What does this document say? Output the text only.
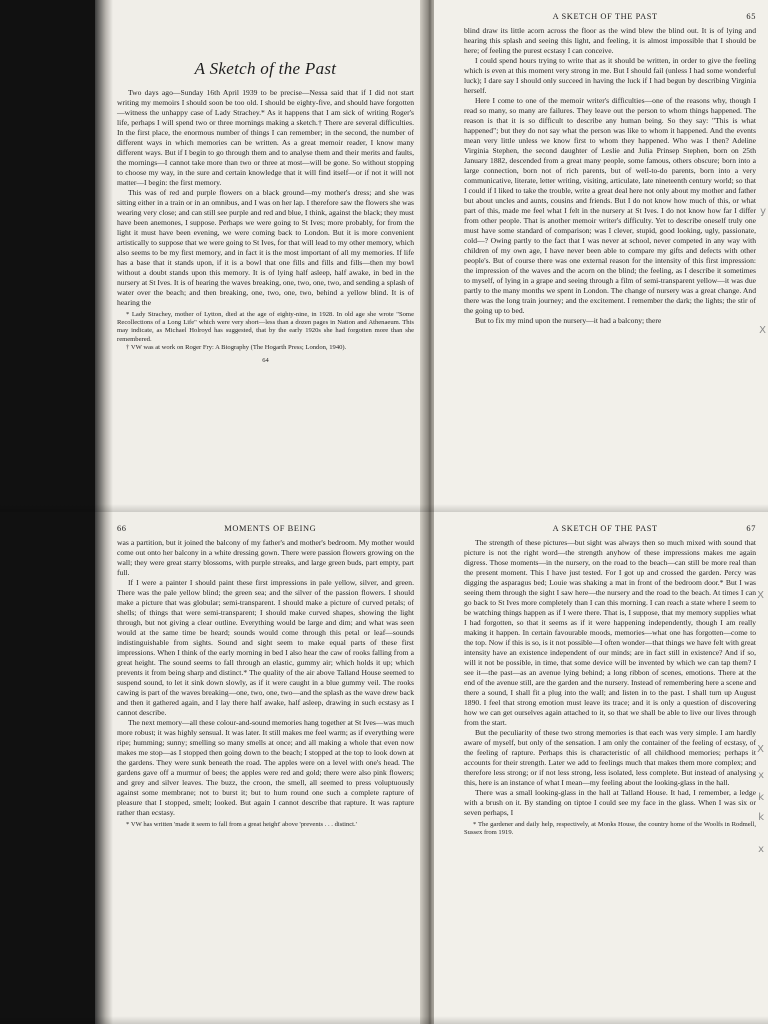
A Sketch of the Past

Two days ago—Sunday 16th April 1939 to be precise—Nessa said that if I did not start writing my memoirs I should soon be too old. I should be eighty-five, and should have forgotten—witness the unhappy case of Lady Strachey.* As it happens that I am sick of writing Roger's life, perhaps I will spend two or three mornings making a sketch.† There are several difficulties. In the first place, the enormous number of things I can remember; in the second, the number of different ways in which memories can be written. As a great memoir reader, I know many different ways. But if I begin to go through them and to analyse them and their merits and faults, the mornings—I cannot take more than two or three at most—will be gone. So without stopping to choose my way, in the sure and certain knowledge that it will find itself—or if not it will not matter—I begin: the first memory.

This was of red and purple flowers on a black ground—my mother's dress; and she was sitting either in a train or in an omnibus, and I was on her lap. I therefore saw the flowers she was wearing very close; and can still see purple and red and blue, I think, against the black; they must have been anemones, I suppose. Perhaps we were going to St Ives; more probably, for from the light it must have been evening, we were coming back to London. But it is more convenient artistically to suppose that we were going to St Ives, for that will lead to my other memory, which also seems to be my first memory, and in fact it is the most important of all my memories. If life has a base that it stands upon, if it is a bowl that one fills and fills and fills—then my bowl without a doubt stands upon this memory. It is of lying half asleep, half awake, in bed in the nursery at St Ives. It is of hearing the waves breaking, one, two, one, two, and sending a splash of water over the beach; and then breaking, one, two, one, two, behind a yellow blind. It is of hearing the

* Lady Strachey, mother of Lytton, died at the age of eighty-nine, in 1928. In old age she wrote "Some Recollections of a Long Life" which were very short—less than a dozen pages in Nation and Athenaeum. This may indicate, as Michael Holroyd has suggested, that by the early 1920s she had forgotten more than she remembered.

† VW was at work on Roger Fry: A Biography (The Hogarth Press; London, 1940).

64
A SKETCH OF THE PAST	65

blind draw its little acorn across the floor as the wind blew the blind out. It is of lying and hearing this splash and seeing this light, and feeling, it is almost impossible that I should be here; of feeling the purest ecstasy I can conceive.

I could spend hours trying to write that as it should be written, in order to give the feeling which is even at this moment very strong in me. But I should fail (unless I had some wonderful luck); I dare say I should only succeed in having the luck if I had begun by describing Virginia herself.

Here I come to one of the memoir writer's difficulties—one of the reasons why, though I read so many, so many are failures. They leave out the person to whom things happened. The reason is that it is so difficult to describe any human being. So they say: "This is what happened"; but they do not say what the person was like to whom it happened. And the events mean very little unless we know first to whom they happened. Who was I then? Adeline Virginia Stephen, the second daughter of Leslie and Julia Prinsep Stephen, born on 25th January 1882, descended from a great many people, some famous, others obscure; born into a large connection, born not of rich parents, but of well-to-do parents, born into a very communicative, literate, letter writing, visiting, articulate, late nineteenth century world; so that I could if I liked to take the trouble, write a great deal here not only about my mother and father but about uncles and aunts, cousins and friends. But I do not know how much of this, or what part of this, made me feel what I felt in the nursery at St Ives. I do not know how far I differ from other people. That is another memoir writer's difficulty. Yet to describe oneself truly one must have some standard of comparison; was I clever, stupid, good looking, ugly, passionate, cold—? Owing partly to the fact that I was never at school, never competed in any way with children of my own age, I have never been able to compare my gifts and defects with other people's. But of course there was one external reason for the intensity of this first impression: the impression of the waves and the acorn on the blind; the feeling, as I describe it sometimes to myself, of lying in a grape and seeing through a film of semi-transparent yellow—it was due partly to the many months we spent in London. The change of nursery was a great change. And there was the long train journey; and the excitement. I remember the dark; the lights; the stir of the going up to bed.

But to fix my mind upon the nursery—it had a balcony; there

y
X
66	MOMENTS OF BEING

was a partition, but it joined the balcony of my father's and mother's bedroom. My mother would come out onto her balcony in a white dressing gown. There were passion flowers growing on the wall; they were great starry blossoms, with purple streaks, and large green buds, part empty, part full.

If I were a painter I should paint these first impressions in pale yellow, silver, and green. There was the pale yellow blind; the green sea; and the silver of the passion flowers. I should make a picture that was globular; semi-transparent. I should make a picture of curved petals; of shells; of things that were semi-transparent; I should make curved shapes, showing the light through, but not giving a clear outline. Everything would be large and dim; and what was seen would at the same time be heard; sounds would come through this petal or leaf—sounds indistinguishable from sights. Sound and sight seem to make equal parts of these first impressions. When I think of the early morning in bed I also hear the caw of rooks falling from a great height. The sound seems to fall through an elastic, gummy air; which holds it up; which prevents it from being sharp and distinct.* The quality of the air above Talland House seemed to suspend sound, to let it sink down slowly, as if it were caught in a blue gummy veil. The rooks cawing is part of the waves breaking—one, two, one, two—and the splash as the wave drew back and then it gathered again, and I lay there half awake, half asleep, drawing in such ecstasy as I cannot describe.

The next memory—all these colour-and-sound memories hang together at St Ives—was much more robust; it was highly sensual. It was later. It still makes me feel warm; as if everything were ripe; humming; sunny; smelling so many smells at once; and all making a whole that even now makes me stop—as I stopped then going down to the beach; I stopped at the top to look down at the gardens. They were sunk beneath the road. The apples were on a level with one's head. The gardens gave off a murmur of bees; the apples were red and gold; there were also pink flowers; and grey and silver leaves. The buzz, the croon, the smell, all seemed to press voluptuously against some membrane; not to burst it; but to hum round one such a complete rapture of pleasure that I stopped, smelt; looked. But again I cannot describe that rapture. It was rapture rather than ecstasy.

* VW has written 'made it seem to fall from a great height' above 'prevents . . . distinct.'

A SKETCH OF THE PAST	67

The strength of these pictures—but sight was always then so much mixed with sound that picture is not the right word—the strength anyhow of these impressions makes me again digress. Those moments—in the nursery, on the road to the beach—can still be more real than the present moment. This I have just tested. For I got up and crossed the garden. Percy was digging the asparagus bed; Louie was shaking a mat in front of the bedroom door.* But I was seeing them through the sight I saw here—the nursery and the road to the beach. At times I can go back to St Ives more completely than I can this morning. I can reach a state where I seem to be watching things happen as if I were there. That is, I suppose, that my memory supplies what I had forgotten, so that it seems as if it were happening independently, though I am really making it happen. In certain favourable moods, memories—what one has forgotten—come to the top. Now if this is so, is it not possible—I often wonder—that things we have felt with great intensity have an existence independent of our minds; are in fact still in existence? And if so, will it not be possible, in time, that some device will be invented by which we can tap them? I see it—the past—as an avenue lying behind; a long ribbon of scenes, emotions. There at the end of the avenue still, are the garden and the nursery. Instead of remembering here a scene and there a sound, I shall fit a plug into the wall; and listen in to the past. I shall turn up August 1890. I feel that strong emotion must leave its trace; and it is only a question of discovering how we can get ourselves again attached to it, so that we shall be able to live our lives through from the start.

But the peculiarity of these two strong memories is that each was very simple. I am hardly aware of myself, but only of the sensation. I am only the container of the feeling of ecstasy, of the feeling of rapture. Perhaps this is characteristic of all childhood memories; perhaps it accounts for their strength. Later we add to feelings much that makes them more complex; and therefore less strong; or if not less strong, less isolated, less complete. But instead of analysing this, here is an instance of what I mean—my feeling about the looking-glass in the hall.

There was a small looking-glass in the hall at Talland House. It had, I remember, a ledge with a brush on it. By standing on tiptoe I could see my face in the glass. When I was six or seven perhaps, I

* The gardener and daily help, respectively, at Monks House, the country home of the Woolfs in Rodmell, Sussex from 1919.

X
X
x
k
k
x
